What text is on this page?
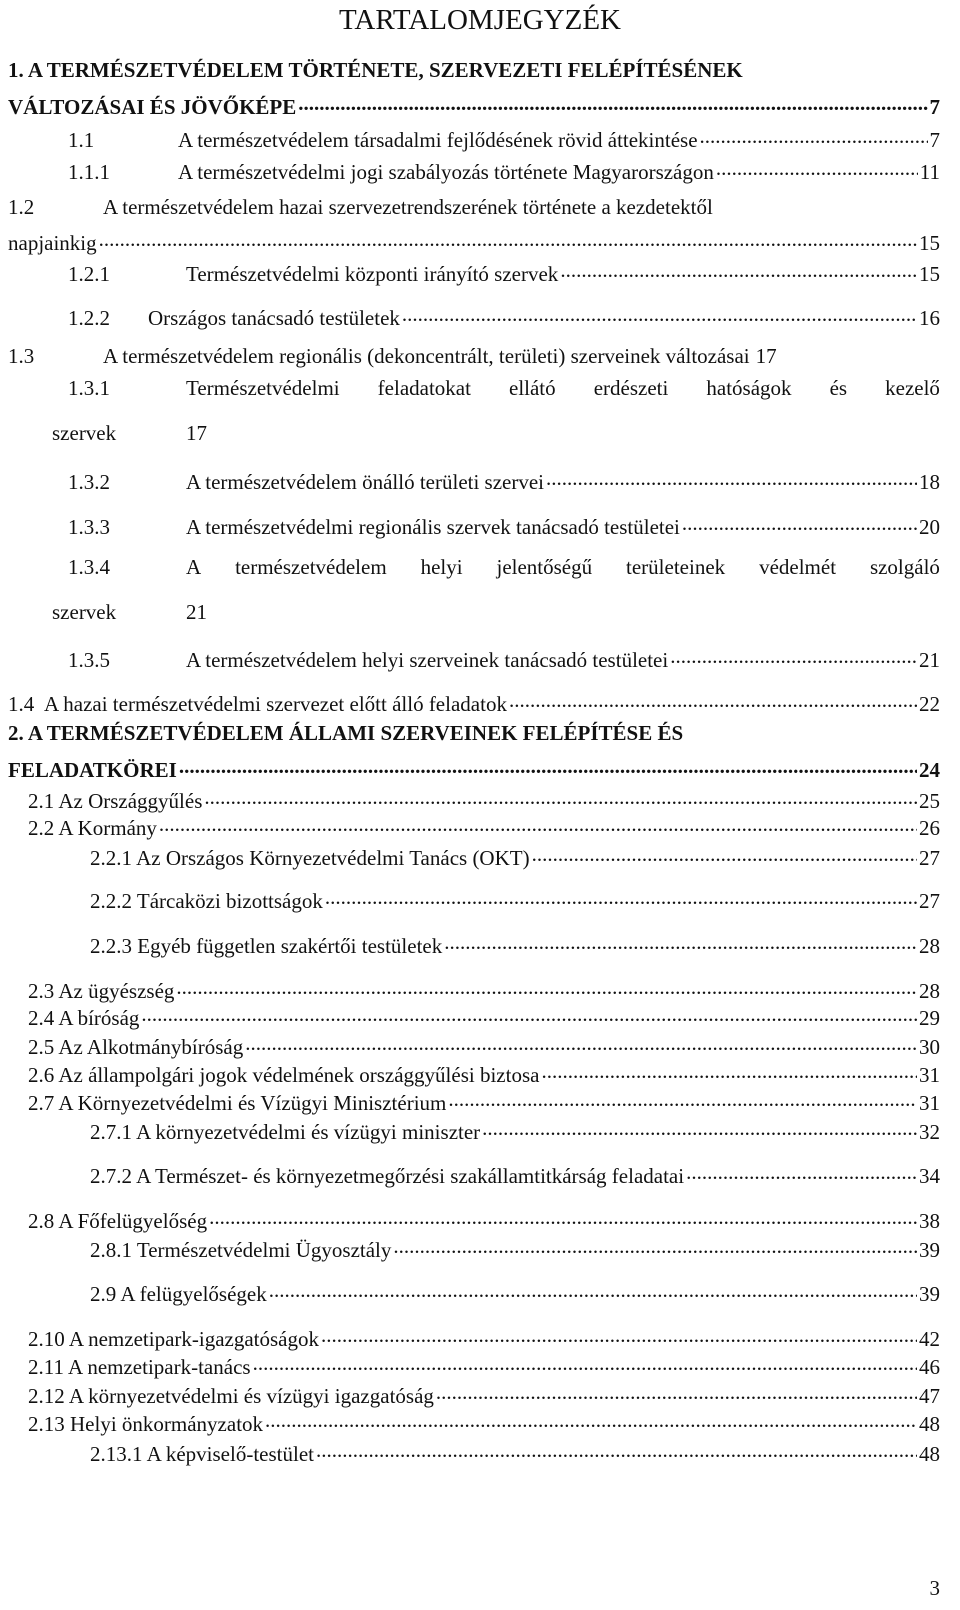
TARTALOMJEGYZÉK
1. A TERMÉSZETVÉDELEM TÖRTÉNETE, SZERVEZETI FELÉPÍTÉSÉNEK
VÁLTOZÁSAI ÉS JÖVŐKÉPE .....	7
1.1	A természetvédelem társadalmi fejlődésének rövid áttekintése .....	7
1.1.1	A természetvédelmi jogi szabályozás története Magyarországon .....	11
1.2	A természetvédelem hazai szervezetrendszerének története a kezdetektől
napjainkig .....	15
1.2.1	Természetvédelmi központi irányító szervek .....	15
1.2.2	Országos tanácsadó testületek .....	16
1.3	A természetvédelem regionális (dekoncentrált, területi) szerveinek változásai 17
1.3.1	Természetvédelmi feladatokat ellátó erdészeti hatóságok és kezelő
szervek	17
1.3.2	A természetvédelem önálló területi szervei .....	18
1.3.3	A természetvédelmi regionális szervek tanácsadó testületei .....	20
1.3.4	A természetvédelem helyi jelentőségű területeinek védelmét szolgáló
szervek	21
1.3.5	A természetvédelem helyi szerveinek tanácsadó testületei .....	21
1.4 A hazai természetvédelmi szervezet előtt álló feladatok .....	22
2. A TERMÉSZETVÉDELEM ÁLLAMI SZERVEINEK FELÉPÍTÉSE ÉS
FELADATKÖREI .....	24
2.1 Az Országgyűlés .....	25
2.2 A Kormány .....	26
2.2.1 Az Országos Környezetvédelmi Tanács (OKT) .....	27
2.2.2 Tárcaközi bizottságok .....	27
2.2.3 Egyéb független szakértői testületek .....	28
2.3 Az ügyészség .....	28
2.4 A bíróság .....	29
2.5 Az Alkotmánybíróság .....	30
2.6 Az állampolgári jogok védelmének országgyűlési biztosa .....	31
2.7 A Környezetvédelmi és Vízügyi Minisztérium .....	31
2.7.1 A környezetvédelmi és vízügyi miniszter .....	32
2.7.2 A Természet- és környezetmegőrzési szakállamtitkárság feladatai .....	34
2.8 A Főfelügyelőség .....	38
2.8.1 Természetvédelmi Ügyosztály .....	39
2.9 A felügyelőségek .....	39
2.10 A nemzetipark-igazgatóságok .....	42
2.11 A nemzetipark-tanács .....	46
2.12 A környezetvédelmi és vízügyi igazgatóság .....	47
2.13 Helyi önkormányzatok .....	48
2.13.1 A képviselő-testület .....	48
3
